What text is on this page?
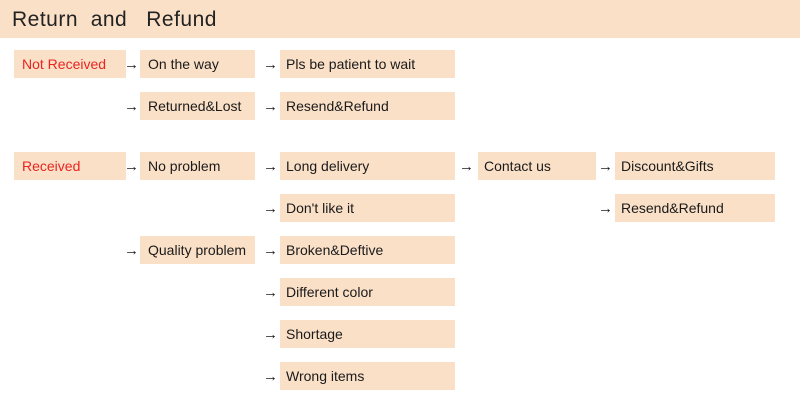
Return  and   Refund
Not Received	On the way	Pls be patient to wait
Returned&Lost	Resend&Refund
Received	No problem	Long delivery	Contact us	Discount&Gifts
Don't like it	Resend&Refund
Quality problem	Broken&Deftive
Different color
Shortage
Wrong items
→	→
→	→
→	→	→	→
→	→
→	→
→
→
→
